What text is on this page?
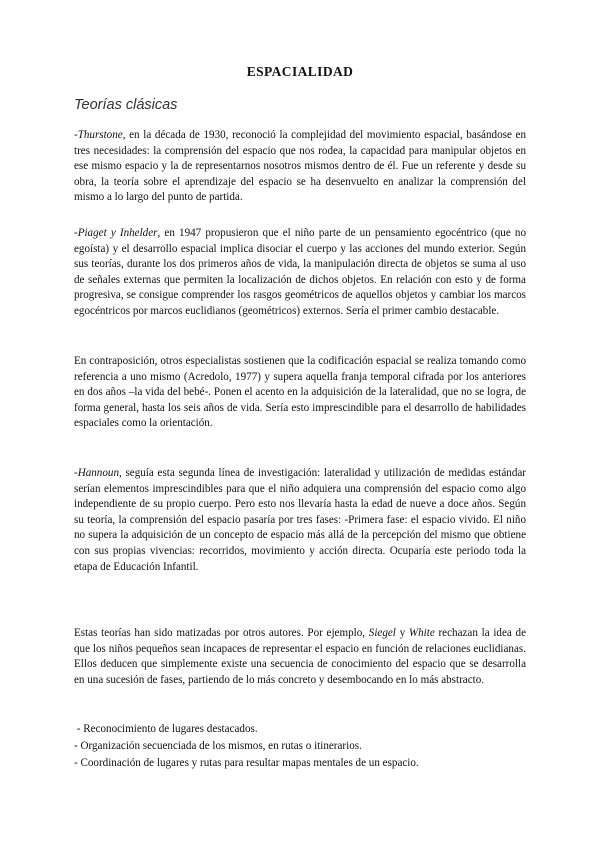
ESPACIALIDAD
Teorías clásicas

-Thurstone, en la década de 1930, reconoció la complejidad del movimiento espacial, basándose en tres necesidades: la comprensión del espacio que nos rodea, la capacidad para manipular objetos en ese mismo espacio y la de representarnos nosotros mismos dentro de él. Fue un referente y desde su obra, la teoría sobre el aprendizaje del espacio se ha desenvuelto en analizar la comprensión del mismo a lo largo del punto de partida.

-Piaget y Inhelder, en 1947 propusieron que el niño parte de un pensamiento egocéntrico (que no egoísta) y el desarrollo espacial implica disociar el cuerpo y las acciones del mundo exterior. Según sus teorías, durante los dos primeros años de vida, la manipulación directa de objetos se suma al uso de señales externas que permiten la localización de dichos objetos. En relación con esto y de forma progresiva, se consigue comprender los rasgos geométricos de aquellos objetos y cambiar los marcos egocéntricos por marcos euclidianos (geométricos) externos. Sería el primer cambio destacable.

En contraposición, otros especialistas sostienen que la codificación espacial se realiza tomando como referencia a uno mismo (Acredolo, 1977) y supera aquella franja temporal cifrada por los anteriores en dos años –la vida del bebé-. Ponen el acento en la adquisición de la lateralidad, que no se logra, de forma general, hasta los seis años de vida. Sería esto imprescindible para el desarrollo de habilidades espaciales como la orientación.

-Hannoun, seguía esta segunda línea de investigación: lateralidad y utilización de medidas estándar serían elementos imprescindibles para que el niño adquiera una comprensión del espacio como algo independiente de su propio cuerpo. Pero esto nos llevaría hasta la edad de nueve a doce años. Según su teoría, la comprensión del espacio pasaría por tres fases: -Primera fase: el espacio vivido. El niño no supera la adquisición de un concepto de espacio más allá de la percepción del mismo que obtiene con sus propias vivencias: recorridos, movimiento y acción directa. Ocuparía este periodo toda la etapa de Educación Infantil.

Estas teorías han sido matizadas por otros autores. Por ejemplo, Siegel y White rechazan la idea de que los niños pequeños sean incapaces de representar el espacio en función de relaciones euclidianas. Ellos deducen que simplemente existe una secuencia de conocimiento del espacio que se desarrolla en una sucesión de fases, partiendo de lo más concreto y desembocando en lo más abstracto.

- Reconocimiento de lugares destacados.
- Organización secuenciada de los mismos, en rutas o itinerarios.
- Coordinación de lugares y rutas para resultar mapas mentales de un espacio.
